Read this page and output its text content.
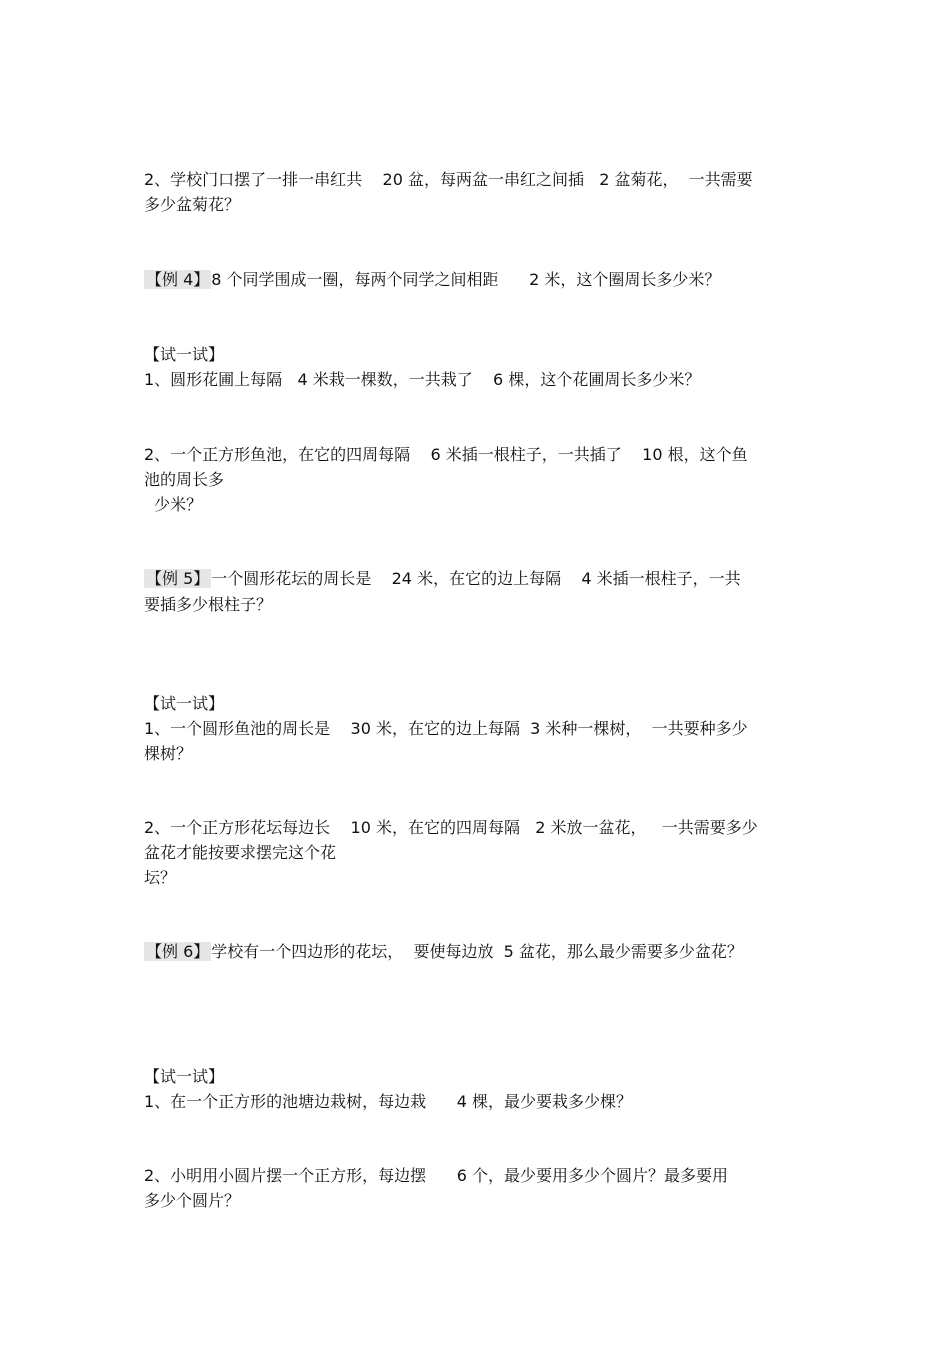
2、学校门口摆了一排一串红共    20 盆，每两盆一串红之间插   2 盆菊花，  一共需要
多少盆菊花？
【例 4】 8 个同学围成一圈，每两个同学之间相距      2 米，这个圈周长多少米？
【试一试】
1、圆形花圃上每隔   4 米栽一棵数，一共栽了    6 棵，这个花圃周长多少米？
2、一个正方形鱼池，在它的四周每隔    6 米插一根柱子，一共插了    10 根，这个鱼
池的周长多
少米？
【例 5】 一个圆形花坛的周长是    24 米，在它的边上每隔    4 米插一根柱子，一共
要插多少根柱子？
【试一试】
1、一个圆形鱼池的周长是    30 米，在它的边上每隔  3 米种一棵树，  一共要种多少
棵树？
2、一个正方形花坛每边长    10 米，在它的四周每隔   2 米放一盆花，   一共需要多少
盆花才能按要求摆完这个花
坛？
【例 6】 学校有一个四边形的花坛，  要使每边放  5 盆花，那么最少需要多少盆花？
【试一试】
1、在一个正方形的池塘边栽树，每边栽      4 棵，最少要栽多少棵？
2、小明用小圆片摆一个正方形，每边摆      6 个，最少要用多少个圆片？最多要用
多少个圆片？
